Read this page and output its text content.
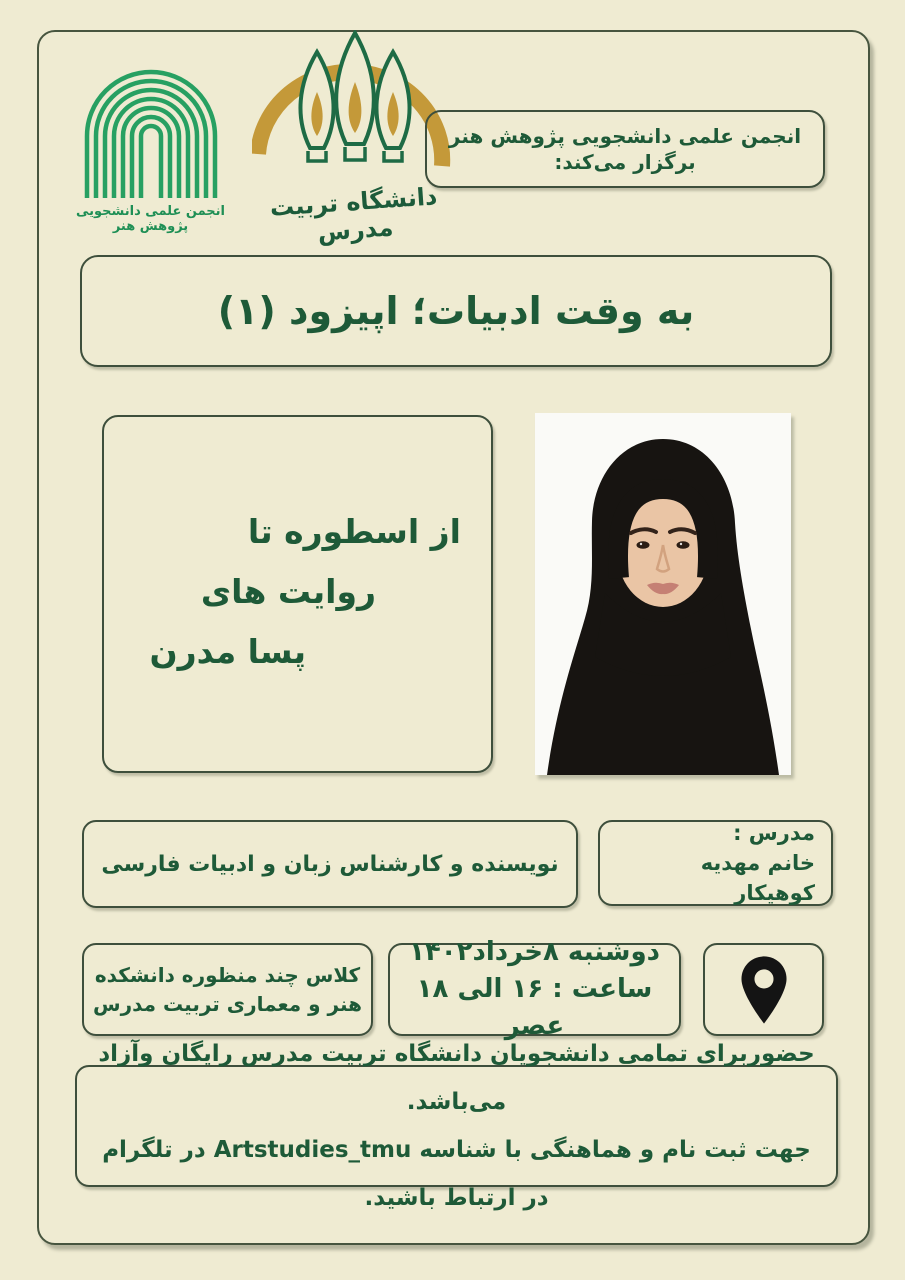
انجمن علمی دانشجویی پژوهش هنر
دانشگاه تربیت مدرس
انجمن علمی دانشجویی پژوهش هنر برگزار می‌کند:
به وقت ادبیات؛ اپیزود (۱)
از اسطوره تا
روایت های
پسا مدرن
مدرس :
خانم مهدیه کوهیکار
نویسنده و کارشناس زبان و ادبیات فارسی
دوشنبه ۸خرداد۱۴۰۲
ساعت : ۱۶ الی ۱۸ عصر
کلاس چند منظوره دانشکده
هنر و معماری تربیت مدرس
حضوربرای تمامی دانشجویان دانشگاه تربیت مدرس رایگان وآزاد می‌باشد.
جهت ثبت نام و هماهنگی با شناسه Artstudies_tmu در تلگرام در ارتباط باشید.
